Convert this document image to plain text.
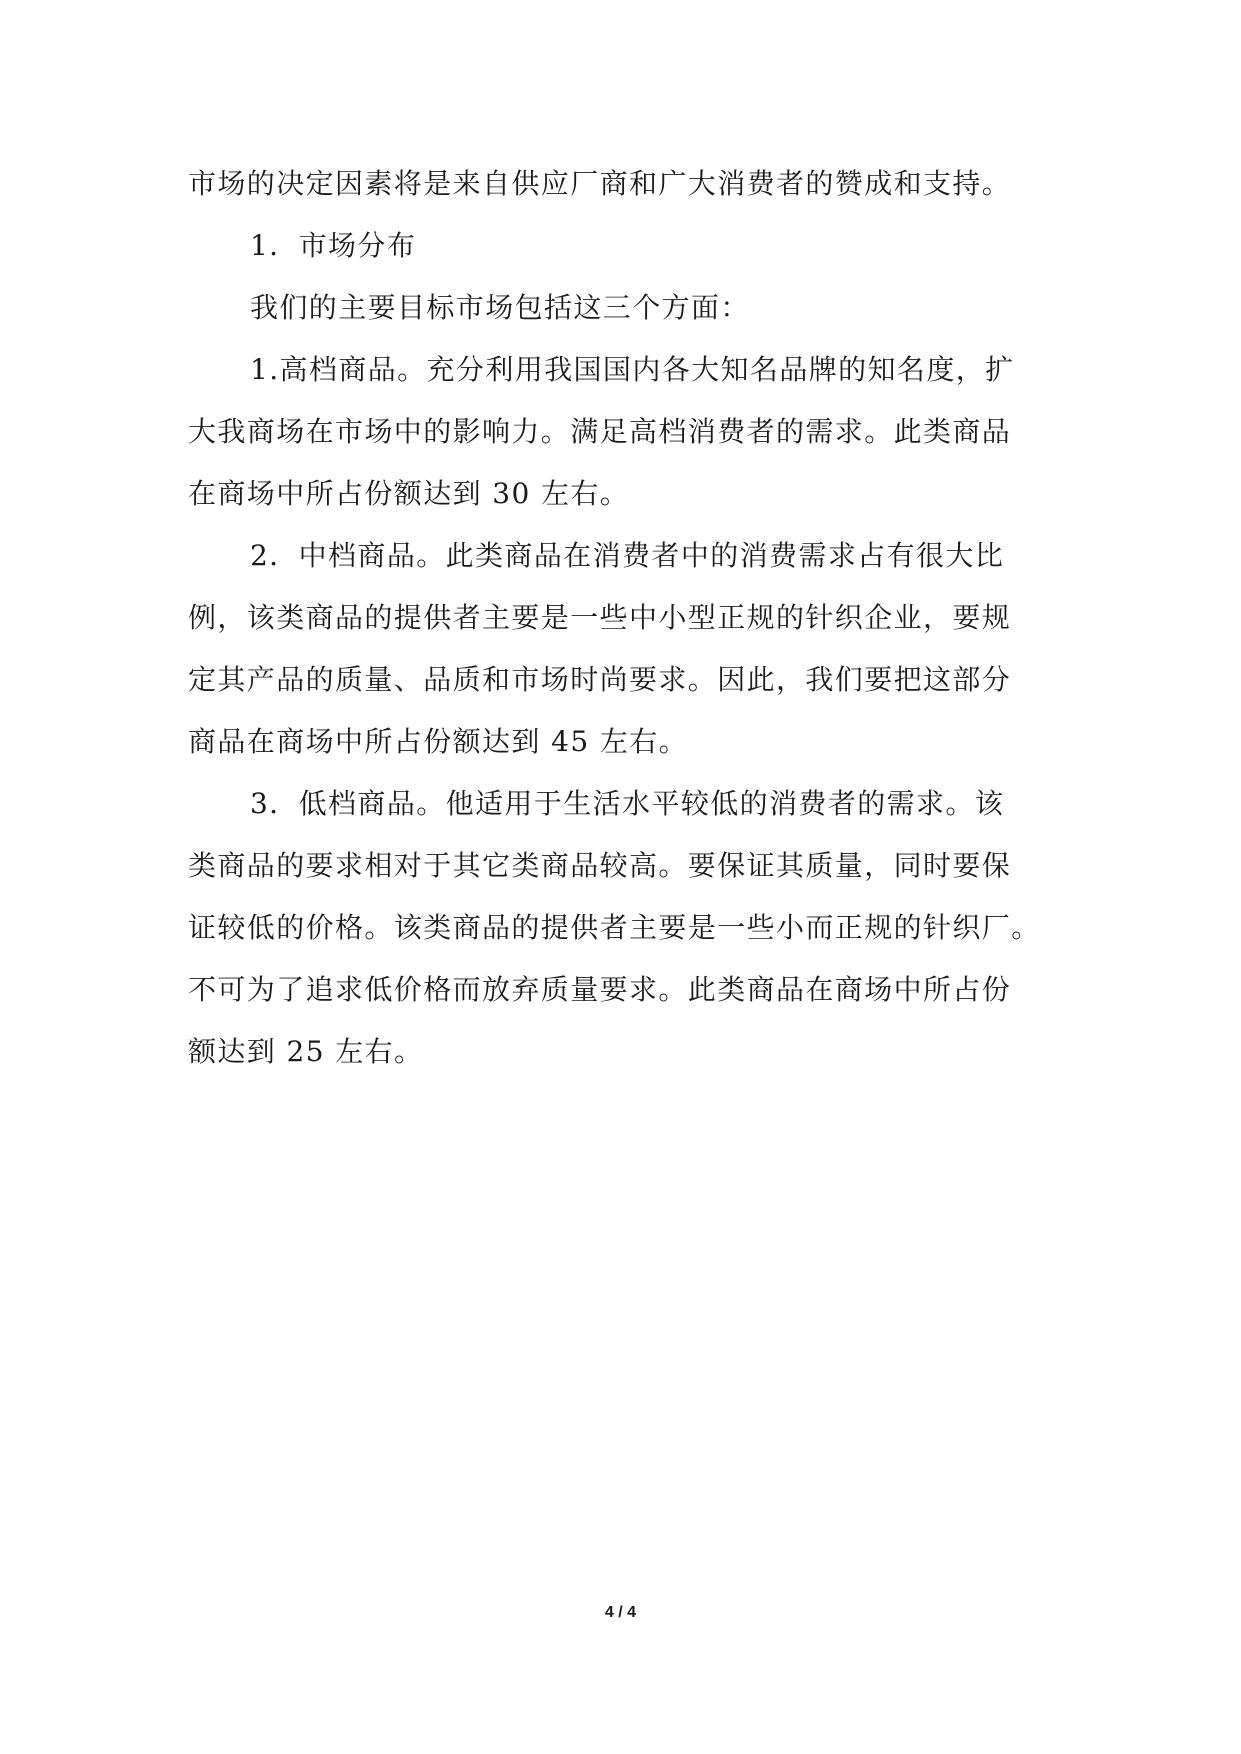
市场的决定因素将是来自供应厂商和广大消费者的赞成和支持。
1．市场分布
我们的主要目标市场包括这三个方面：
1.高档商品。充分利用我国国内各大知名品牌的知名度，扩
大我商场在市场中的影响力。满足高档消费者的需求。此类商品
在商场中所占份额达到 30 左右。
2．中档商品。此类商品在消费者中的消费需求占有很大比
例，该类商品的提供者主要是一些中小型正规的针织企业，要规
定其产品的质量、品质和市场时尚要求。因此，我们要把这部分
商品在商场中所占份额达到 45 左右。
3．低档商品。他适用于生活水平较低的消费者的需求。该
类商品的要求相对于其它类商品较高。要保证其质量，同时要保
证较低的价格。该类商品的提供者主要是一些小而正规的针织厂。
不可为了追求低价格而放弃质量要求。此类商品在商场中所占份
额达到 25 左右。
4 / 4
